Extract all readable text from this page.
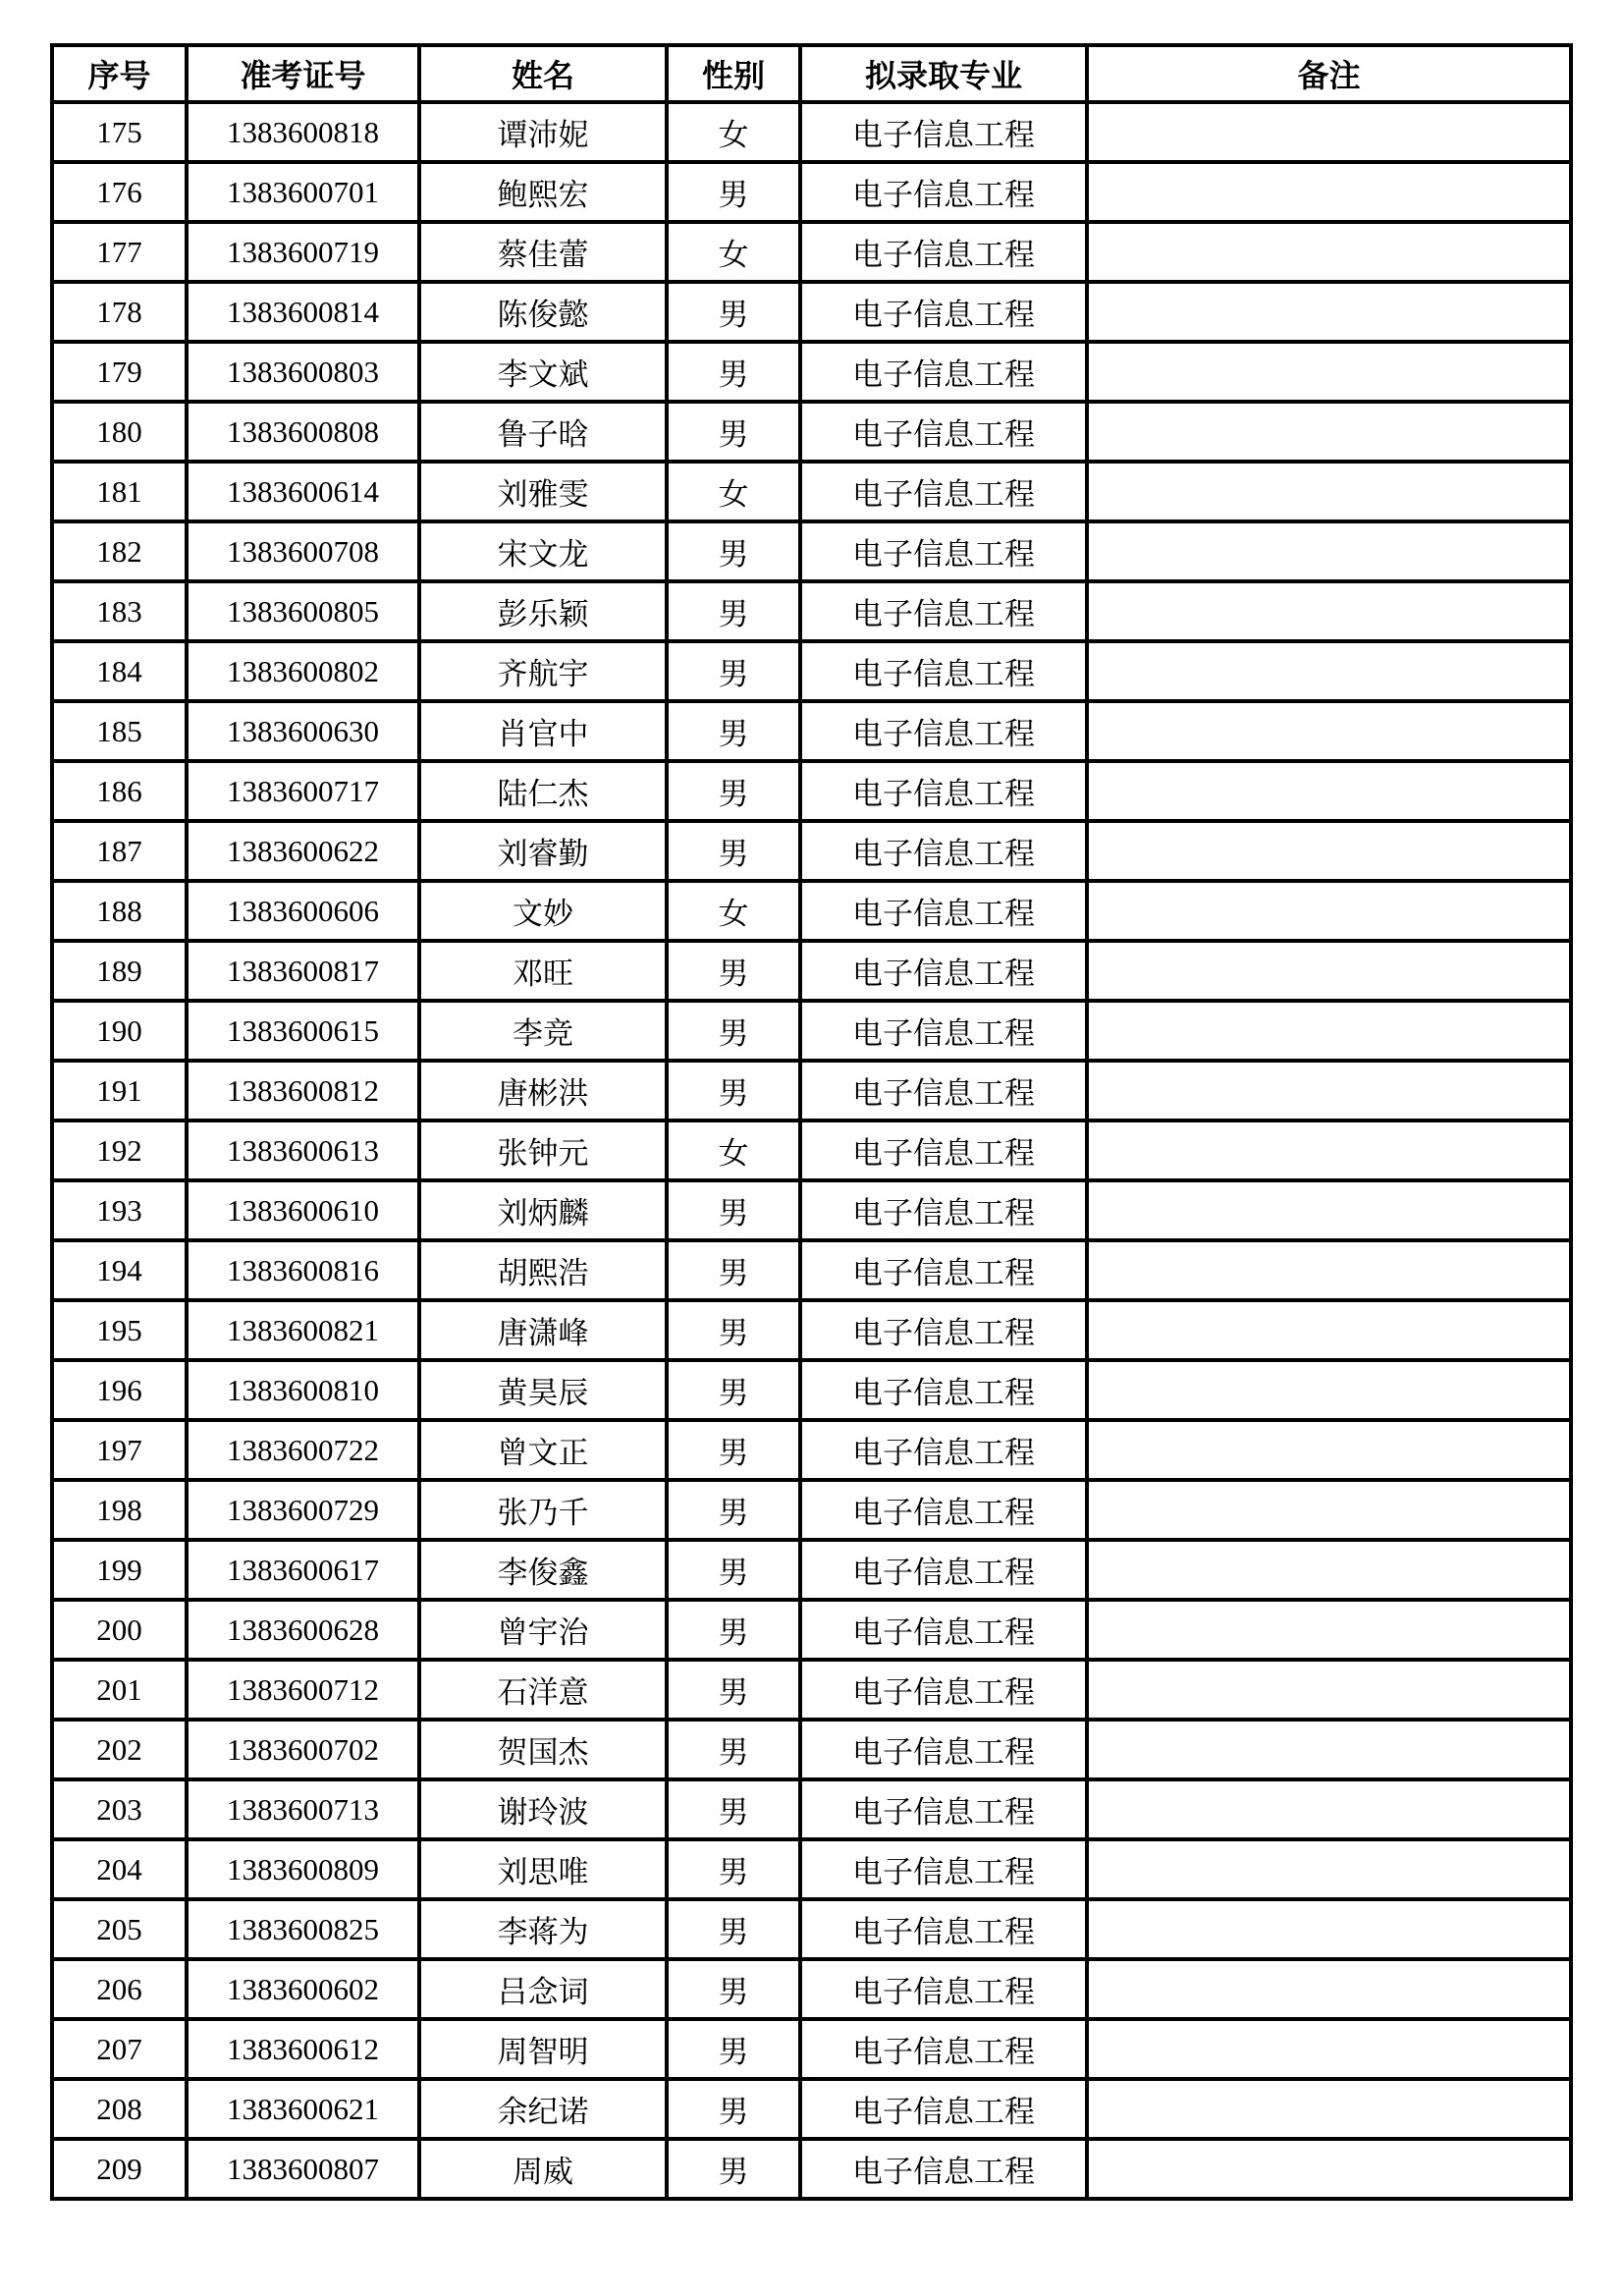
序号	准考证号	姓名	性别	拟录取专业	备注
175	1383600818	谭沛妮	女	电子信息工程	
176	1383600701	鲍熙宏	男	电子信息工程	
177	1383600719	蔡佳蕾	女	电子信息工程	
178	1383600814	陈俊懿	男	电子信息工程	
179	1383600803	李文斌	男	电子信息工程	
180	1383600808	鲁子晗	男	电子信息工程	
181	1383600614	刘雅雯	女	电子信息工程	
182	1383600708	宋文龙	男	电子信息工程	
183	1383600805	彭乐颖	男	电子信息工程	
184	1383600802	齐航宇	男	电子信息工程	
185	1383600630	肖官中	男	电子信息工程	
186	1383600717	陆仁杰	男	电子信息工程	
187	1383600622	刘睿勤	男	电子信息工程	
188	1383600606	文妙	女	电子信息工程	
189	1383600817	邓旺	男	电子信息工程	
190	1383600615	李竞	男	电子信息工程	
191	1383600812	唐彬洪	男	电子信息工程	
192	1383600613	张钟元	女	电子信息工程	
193	1383600610	刘炳麟	男	电子信息工程	
194	1383600816	胡熙浩	男	电子信息工程	
195	1383600821	唐潇峰	男	电子信息工程	
196	1383600810	黄昊辰	男	电子信息工程	
197	1383600722	曾文正	男	电子信息工程	
198	1383600729	张乃千	男	电子信息工程	
199	1383600617	李俊鑫	男	电子信息工程	
200	1383600628	曾宇治	男	电子信息工程	
201	1383600712	石洋意	男	电子信息工程	
202	1383600702	贺国杰	男	电子信息工程	
203	1383600713	谢玲波	男	电子信息工程	
204	1383600809	刘思唯	男	电子信息工程	
205	1383600825	李蒋为	男	电子信息工程	
206	1383600602	吕念词	男	电子信息工程	
207	1383600612	周智明	男	电子信息工程	
208	1383600621	余纪诺	男	电子信息工程	
209	1383600807	周威	男	电子信息工程	
